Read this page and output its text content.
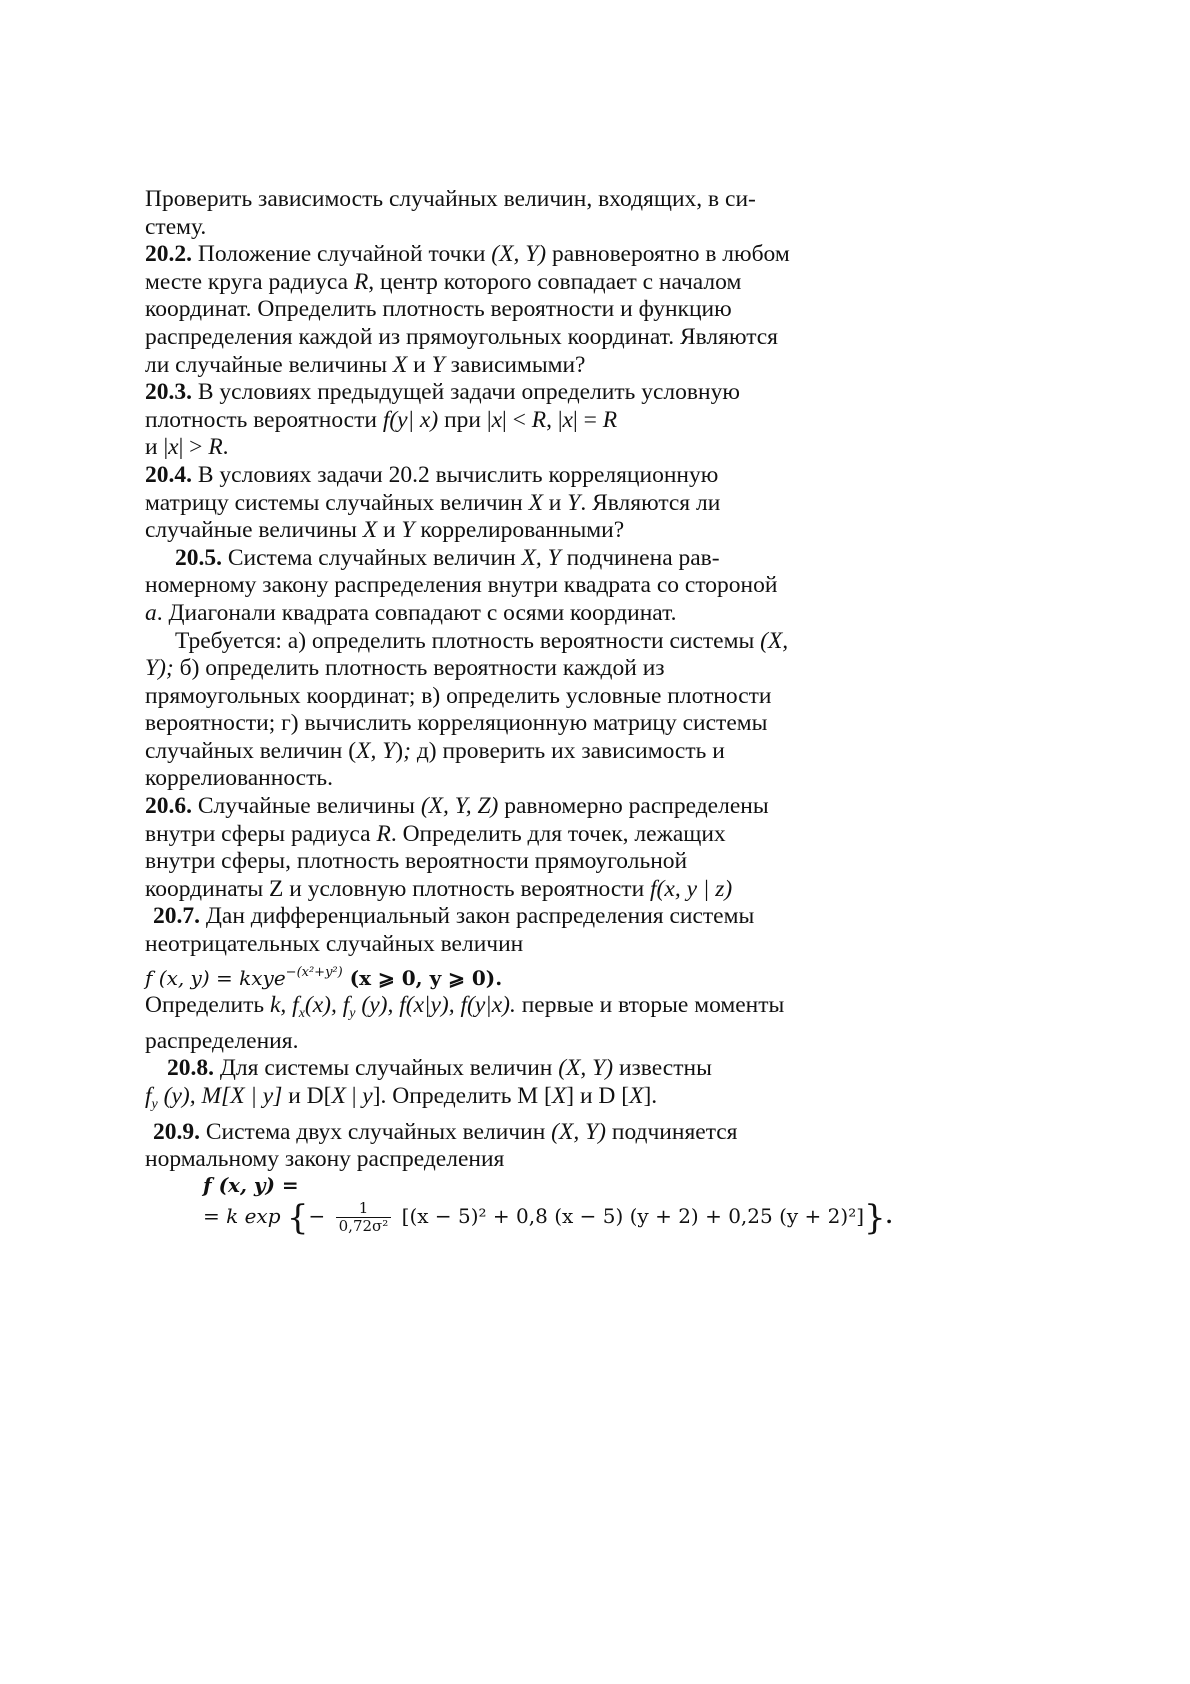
Проверить зависимость случайных величин, входящих, в си-
стему.
20.2. Положение случайной точки (X, Y) равновероятно в любом
месте круга радиуса R, центр которого совпадает с началом
координат. Определить плотность вероятности и функцию
распределения каждой из прямоугольных координат. Являются
ли случайные величины X и Y зависимыми?
20.3. В условиях предыдущей задачи определить условную
плотность вероятности f(y| x) при |x| < R, |x| = R
и |x| > R.
20.4. В условиях задачи 20.2 вычислить корреляционную
матрицу системы случайных величин X и Y. Являются ли
случайные величины X и Y коррелированными?
20.5. Система случайных величин X, Y подчинена рав-
номерному закону распределения внутри квадрата со стороной
a. Диагонали квадрата совпадают с осями координат.
Требуется: а) определить плотность вероятности системы (X,
Y); б) определить плотность вероятности каждой из
прямоугольных координат; в) определить условные плотности
вероятности; г) вычислить корреляционную матрицу системы
случайных величин (X, Y); д) проверить их зависимость и
коррелиованность.
20.6. Случайные величины (X, Y, Z) равномерно распределены
внутри сферы радиуса R. Определить для точек, лежащих
внутри сферы, плотность вероятности прямоугольной
координаты Z и условную плотность вероятности f(x, y | z)
20.7. Дан дифференциальный закон распределения системы
неотрицательных случайных величин
f (x, y) = kxye$^{-(x^2+y^2)}$ (x ⩾ 0, y ⩾ 0).
Определить k, $f_x(x)$, $f_y$ (y), f(x|y), f(y|x). первые и вторые моменты
распределения.
20.8. Для системы случайных величин (X, Y) известны
$f_y$ (y), M[X | y] и D[X | y]. Определить М [X] и D [X].
20.9. Система двух случайных величин (X, Y) подчиняется
нормальному закону распределения
f (x, y) =
= k exp {− $\frac{1}{\text{0,72σ²}} [(x - 5)^2 + 0,8$ (x − 5) (y + 2) + 0,25 (y + 2)²]}.
